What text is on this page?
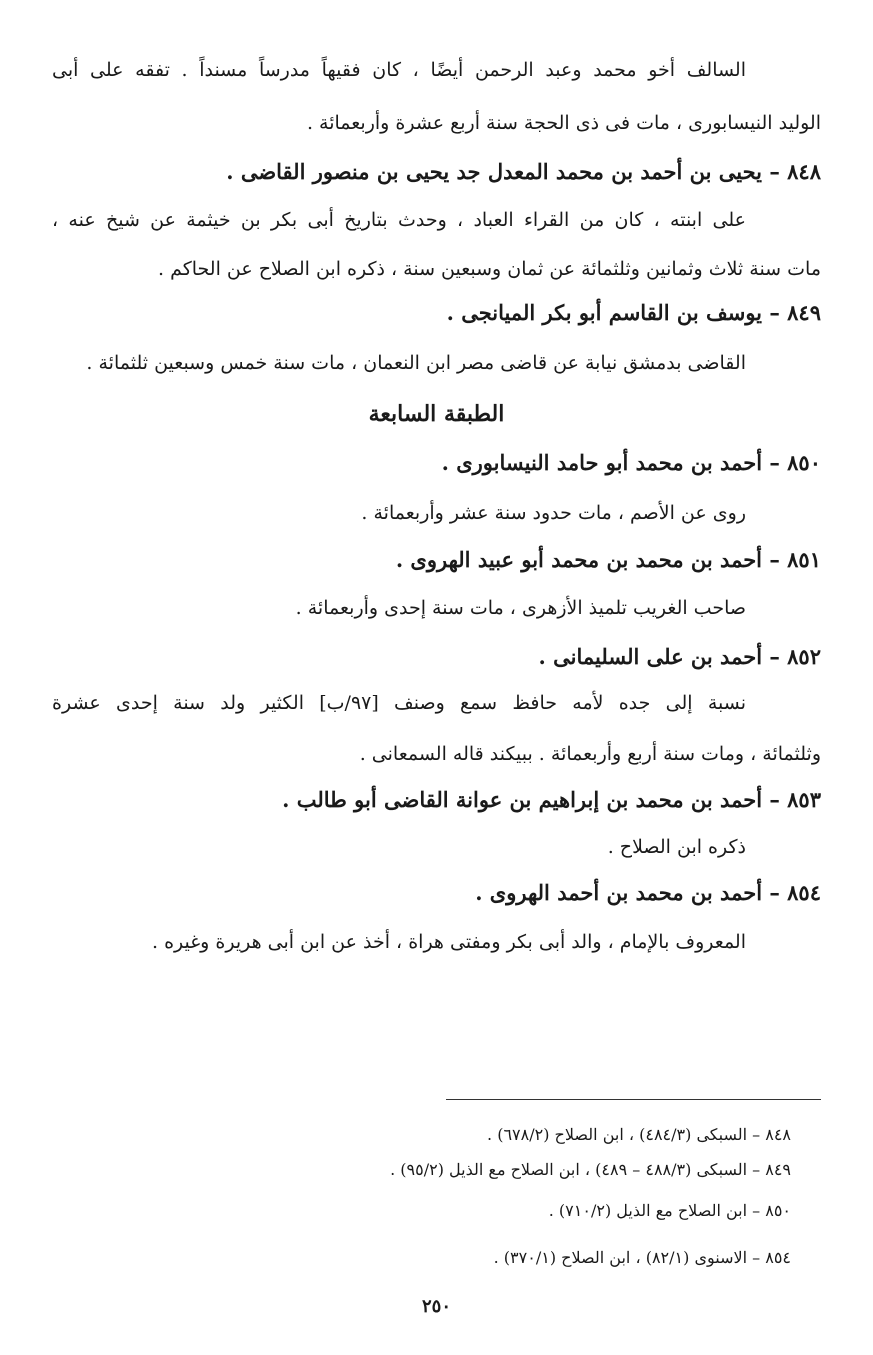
السالف أخو محمد وعبد الرحمن أيضًا ، كان فقيهاً مدرساً مسنداً . تفقه على أبى
الوليد النيسابورى ، مات فى ذى الحجة سنة أربع عشرة وأربعمائة .
٨٤٨ – يحيى بن أحمد بن محمد المعدل جد يحيى بن منصور القاضى .
على ابنته ، كان من القراء العباد ، وحدث بتاريخ أبى بكر بن خيثمة عن شيخ عنه ،
مات سنة ثلاث وثمانين وثلثمائة عن ثمان وسبعين سنة ، ذكره ابن الصلاح عن الحاكم .
٨٤٩ – يوسف بن القاسم أبو بكر الميانجى .
القاضى بدمشق نيابة عن قاضى مصر ابن النعمان ، مات سنة خمس وسبعين ثلثمائة .
الطبقة السابعة
٨٥٠ – أحمد بن محمد أبو حامد النيسابورى .
روى عن الأصم ، مات حدود سنة عشر وأربعمائة .
٨٥١ – أحمد بن محمد بن محمد أبو عبيد الهروى .
صاحب الغريب تلميذ الأزهرى ، مات سنة إحدى وأربعمائة .
٨٥٢ – أحمد بن على السليمانى .
نسبة إلى جده لأمه حافظ سمع وصنف [٩٧/ب] الكثير ولد سنة إحدى عشرة
وثلثمائة ، ومات سنة أربع وأربعمائة . ببيكند قاله السمعانى .
٨٥٣ – أحمد بن محمد بن إبراهيم بن عوانة القاضى أبو طالب .
ذكره ابن الصلاح .
٨٥٤ – أحمد بن محمد بن أحمد الهروى .
المعروف بالإمام ، والد أبى بكر ومفتى هراة ، أخذ عن ابن أبى هريرة وغيره .
٨٤٨ – السبكى (٤٨٤/٣) ، ابن الصلاح (٦٧٨/٢) .
٨٤٩ – السبكى (٤٨٨/٣ – ٤٨٩) ، ابن الصلاح مع الذيل (٩٥/٢) .
٨٥٠ – ابن الصلاح مع الذيل (٧١٠/٢) .
٨٥٤ – الاسنوى (٨٢/١) ، ابن الصلاح (٣٧٠/١) .
٢٥٠
